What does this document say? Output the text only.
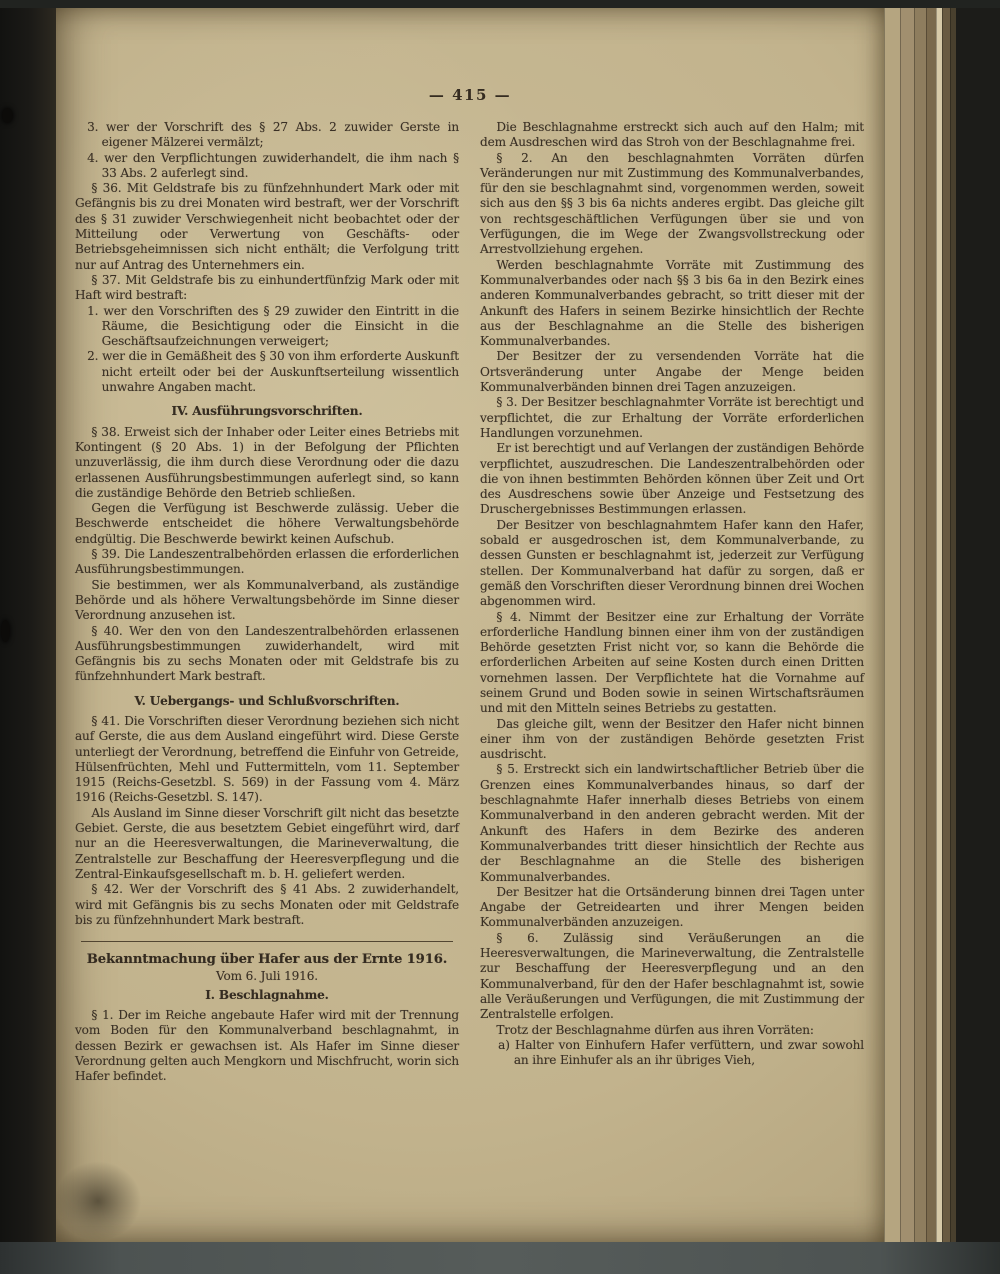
— 415 —

3. wer der Vorschrift des § 27 Abs. 2 zuwider Gerste in eigener Mälzerei vermälzt;

4. wer den Verpflichtungen zuwiderhandelt, die ihm nach § 33 Abs. 2 auferlegt sind.

§ 36. Mit Geldstrafe bis zu fünfzehnhundert Mark oder mit Gefängnis bis zu drei Monaten wird bestraft, wer der Vorschrift des § 31 zuwider Verschwiegenheit nicht beobachtet oder der Mitteilung oder Verwertung von Geschäfts- oder Betriebsgeheimnissen sich nicht enthält; die Verfolgung tritt nur auf Antrag des Unternehmers ein.

§ 37. Mit Geldstrafe bis zu einhundertfünfzig Mark oder mit Haft wird bestraft:

1. wer den Vorschriften des § 29 zuwider den Eintritt in die Räume, die Besichtigung oder die Einsicht in die Geschäftsaufzeichnungen verweigert;

2. wer die in Gemäßheit des § 30 von ihm erforderte Auskunft nicht erteilt oder bei der Auskunftserteilung wissentlich unwahre Angaben macht.

IV. Ausführungsvorschriften.

§ 38. Erweist sich der Inhaber oder Leiter eines Betriebs mit Kontingent (§ 20 Abs. 1) in der Befolgung der Pflichten unzuverlässig, die ihm durch diese Verordnung oder die dazu erlassenen Ausführungsbestimmungen auferlegt sind, so kann die zuständige Behörde den Betrieb schließen.

Gegen die Verfügung ist Beschwerde zulässig. Ueber die Beschwerde entscheidet die höhere Verwaltungsbehörde endgültig. Die Beschwerde bewirkt keinen Aufschub.

§ 39. Die Landeszentralbehörden erlassen die erforderlichen Ausführungsbestimmungen.

Sie bestimmen, wer als Kommunalverband, als zuständige Behörde und als höhere Verwaltungsbehörde im Sinne dieser Verordnung anzusehen ist.

§ 40. Wer den von den Landeszentralbehörden erlassenen Ausführungsbestimmungen zuwiderhandelt, wird mit Gefängnis bis zu sechs Monaten oder mit Geldstrafe bis zu fünfzehnhundert Mark bestraft.

V. Uebergangs- und Schlußvorschriften.

§ 41. Die Vorschriften dieser Verordnung beziehen sich nicht auf Gerste, die aus dem Ausland eingeführt wird. Diese Gerste unterliegt der Verordnung, betreffend die Einfuhr von Getreide, Hülsenfrüchten, Mehl und Futtermitteln, vom 11. September 1915 (Reichs-Gesetzbl. S. 569) in der Fassung vom 4. März 1916 (Reichs-Gesetzbl. S. 147).

Als Ausland im Sinne dieser Vorschrift gilt nicht das besetzte Gebiet. Gerste, die aus besetztem Gebiet eingeführt wird, darf nur an die Heeresverwaltungen, die Marineverwaltung, die Zentralstelle zur Beschaffung der Heeresverpflegung und die Zentral-Einkaufsgesellschaft m. b. H. geliefert werden.

§ 42. Wer der Vorschrift des § 41 Abs. 2 zuwiderhandelt, wird mit Gefängnis bis zu sechs Monaten oder mit Geldstrafe bis zu fünfzehnhundert Mark bestraft.

Bekanntmachung über Hafer aus der Ernte 1916.

Vom 6. Juli 1916.

I. Beschlagnahme.

§ 1. Der im Reiche angebaute Hafer wird mit der Trennung vom Boden für den Kommunalverband beschlagnahmt, in dessen Bezirk er gewachsen ist. Als Hafer im Sinne dieser Verordnung gelten auch Mengkorn und Mischfrucht, worin sich Hafer befindet.

Die Beschlagnahme erstreckt sich auch auf den Halm; mit dem Ausdreschen wird das Stroh von der Beschlagnahme frei.

§ 2. An den beschlagnahmten Vorräten dürfen Veränderungen nur mit Zustimmung des Kommunalverbandes, für den sie beschlagnahmt sind, vorgenommen werden, soweit sich aus den §§ 3 bis 6a nichts anderes ergibt. Das gleiche gilt von rechtsgeschäftlichen Verfügungen über sie und von Verfügungen, die im Wege der Zwangsvollstreckung oder Arrestvollziehung ergehen.

Werden beschlagnahmte Vorräte mit Zustimmung des Kommunalverbandes oder nach §§ 3 bis 6a in den Bezirk eines anderen Kommunalverbandes gebracht, so tritt dieser mit der Ankunft des Hafers in seinem Bezirke hinsichtlich der Rechte aus der Beschlagnahme an die Stelle des bisherigen Kommunalverbandes.

Der Besitzer der zu versendenden Vorräte hat die Ortsveränderung unter Angabe der Menge beiden Kommunalverbänden binnen drei Tagen anzuzeigen.

§ 3. Der Besitzer beschlagnahmter Vorräte ist berechtigt und verpflichtet, die zur Erhaltung der Vorräte erforderlichen Handlungen vorzunehmen.

Er ist berechtigt und auf Verlangen der zuständigen Behörde verpflichtet, auszudreschen. Die Landeszentralbehörden oder die von ihnen bestimmten Behörden können über Zeit und Ort des Ausdreschens sowie über Anzeige und Festsetzung des Druschergebnisses Bestimmungen erlassen.

Der Besitzer von beschlagnahmtem Hafer kann den Hafer, sobald er ausgedroschen ist, dem Kommunalverbande, zu dessen Gunsten er beschlagnahmt ist, jederzeit zur Verfügung stellen. Der Kommunalverband hat dafür zu sorgen, daß er gemäß den Vorschriften dieser Verordnung binnen drei Wochen abgenommen wird.

§ 4. Nimmt der Besitzer eine zur Erhaltung der Vorräte erforderliche Handlung binnen einer ihm von der zuständigen Behörde gesetzten Frist nicht vor, so kann die Behörde die erforderlichen Arbeiten auf seine Kosten durch einen Dritten vornehmen lassen. Der Verpflichtete hat die Vornahme auf seinem Grund und Boden sowie in seinen Wirtschaftsräumen und mit den Mitteln seines Betriebs zu gestatten.

Das gleiche gilt, wenn der Besitzer den Hafer nicht binnen einer ihm von der zuständigen Behörde gesetzten Frist ausdrischt.

§ 5. Erstreckt sich ein landwirtschaftlicher Betrieb über die Grenzen eines Kommunalverbandes hinaus, so darf der beschlagnahmte Hafer innerhalb dieses Betriebs von einem Kommunalverband in den anderen gebracht werden. Mit der Ankunft des Hafers in dem Bezirke des anderen Kommunalverbandes tritt dieser hinsichtlich der Rechte aus der Beschlagnahme an die Stelle des bisherigen Kommunalverbandes.

Der Besitzer hat die Ortsänderung binnen drei Tagen unter Angabe der Getreidearten und ihrer Mengen beiden Kommunalverbänden anzuzeigen.

§ 6. Zulässig sind Veräußerungen an die Heeresverwaltungen, die Marineverwaltung, die Zentralstelle zur Beschaffung der Heeresverpflegung und an den Kommunalverband, für den der Hafer beschlagnahmt ist, sowie alle Veräußerungen und Verfügungen, die mit Zustimmung der Zentralstelle erfolgen.

Trotz der Beschlagnahme dürfen aus ihren Vorräten:

a) Halter von Einhufern Hafer verfüttern, und zwar sowohl an ihre Einhufer als an ihr übriges Vieh,
